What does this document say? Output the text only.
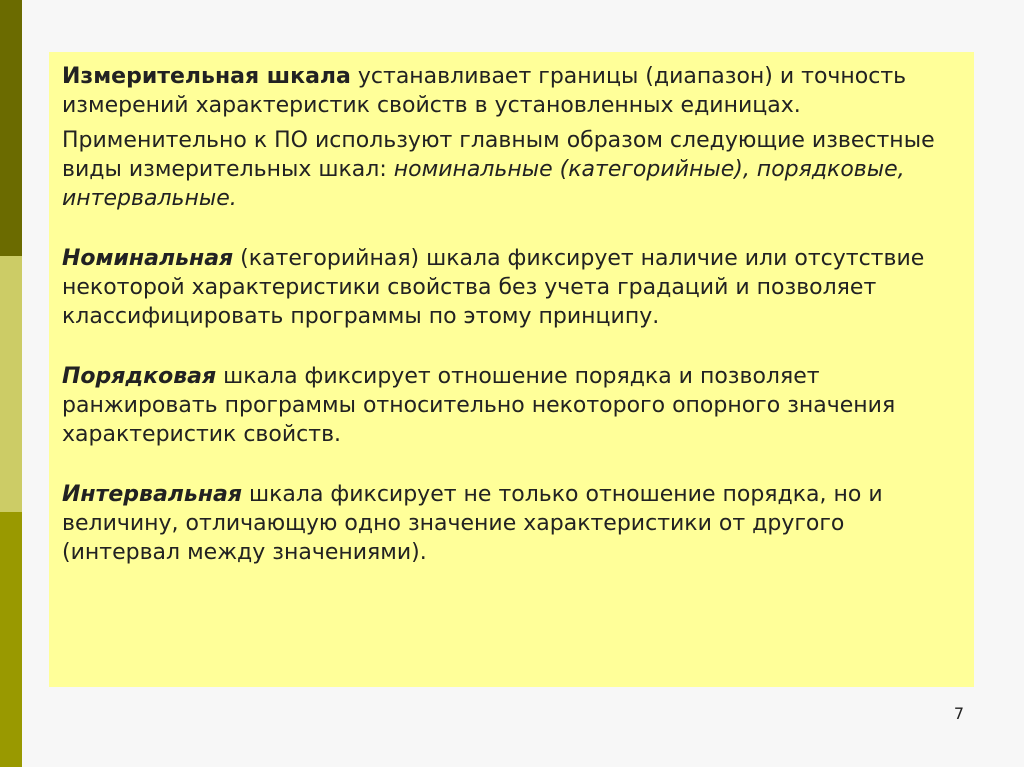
Измерительная шкала устанавливает границы (диапазон) и точность измерений характеристик свойств в установленных единицах.

Применительно к ПО используют главным образом следующие известные виды измерительных шкал: номинальные (категорийные), порядковые, интервальные.

Номинальная (категорийная) шкала фиксирует наличие или отсутствие некоторой характеристики свойства без учета градаций и позволяет классифицировать программы по этому принципу.

Порядковая шкала фиксирует отношение порядка и позволяет ранжировать программы относительно некоторого опорного значения характеристик свойств.

Интервальная шкала фиксирует не только отношение порядка, но и величину, отличающую одно значение характеристики от другого (интервал между значениями).

7
